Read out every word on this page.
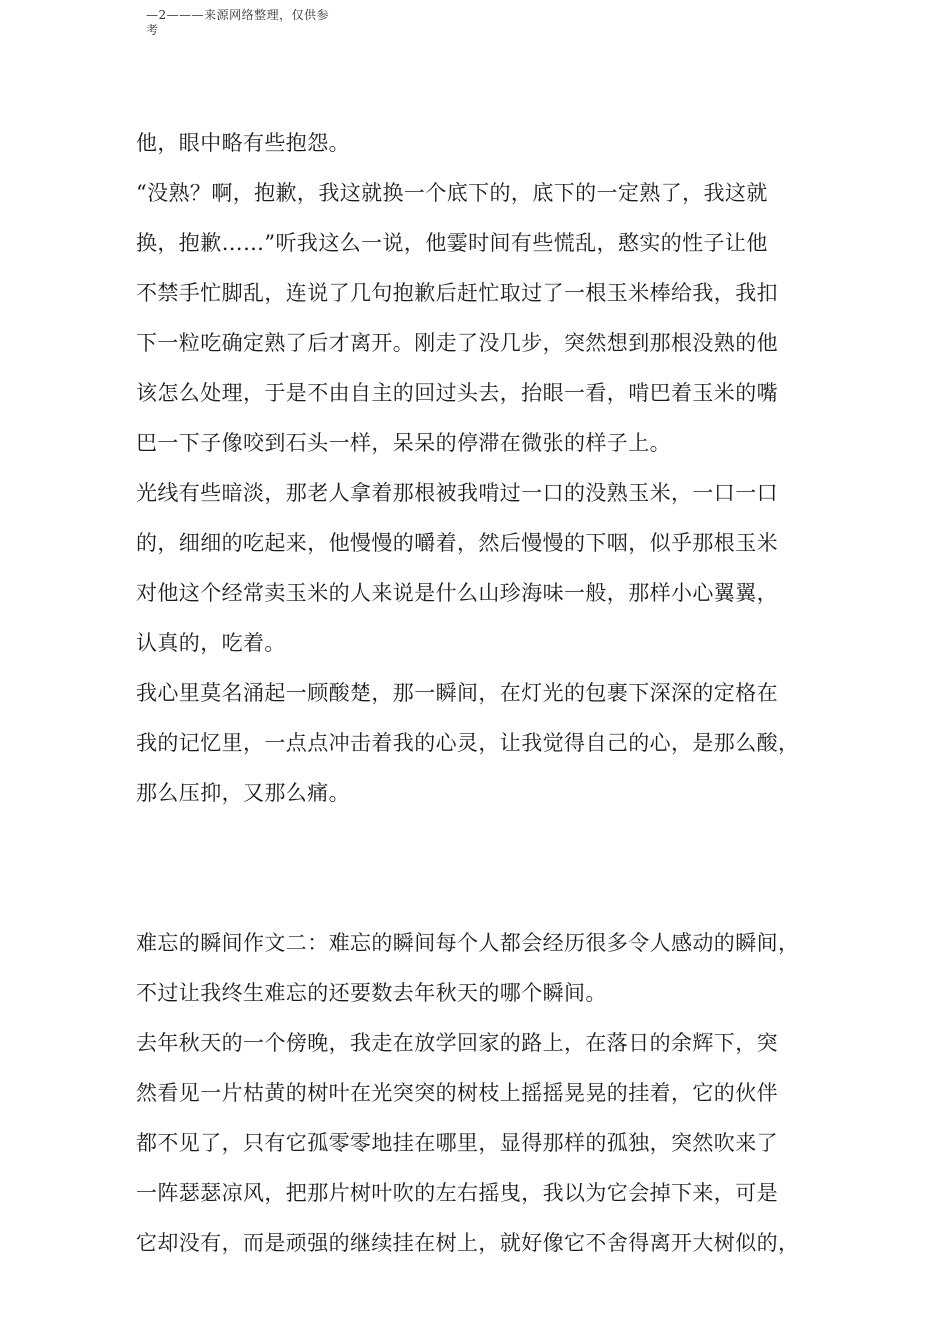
—2———来源网络整理，仅供参
考
他，眼中略有些抱怨。
“没熟？啊，抱歉，我这就换一个底下的，底下的一定熟了，我这就
换，抱歉……”听我这么一说，他霎时间有些慌乱，憨实的性子让他
不禁手忙脚乱，连说了几句抱歉后赶忙取过了一根玉米棒给我，我扣
下一粒吃确定熟了后才离开。刚走了没几步，突然想到那根没熟的他
该怎么处理，于是不由自主的回过头去，抬眼一看，啃巴着玉米的嘴
巴一下子像咬到石头一样，呆呆的停滞在微张的样子上。
光线有些暗淡，那老人拿着那根被我啃过一口的没熟玉米，一口一口
的，细细的吃起来，他慢慢的嚼着，然后慢慢的下咽，似乎那根玉米
对他这个经常卖玉米的人来说是什么山珍海味一般，那样小心翼翼，
认真的，吃着。
我心里莫名涌起一顾酸楚，那一瞬间，在灯光的包裹下深深的定格在
我的记忆里，一点点冲击着我的心灵，让我觉得自己的心，是那么酸，
那么压抑，又那么痛。
难忘的瞬间作文二：难忘的瞬间每个人都会经历很多令人感动的瞬间，
不过让我终生难忘的还要数去年秋天的哪个瞬间。
去年秋天的一个傍晚，我走在放学回家的路上，在落日的余辉下，突
然看见一片枯黄的树叶在光突突的树枝上摇摇晃晃的挂着，它的伙伴
都不见了，只有它孤零零地挂在哪里，显得那样的孤独，突然吹来了
一阵瑟瑟凉风，把那片树叶吹的左右摇曳，我以为它会掉下来，可是
它却没有，而是顽强的继续挂在树上，就好像它不舍得离开大树似的，
